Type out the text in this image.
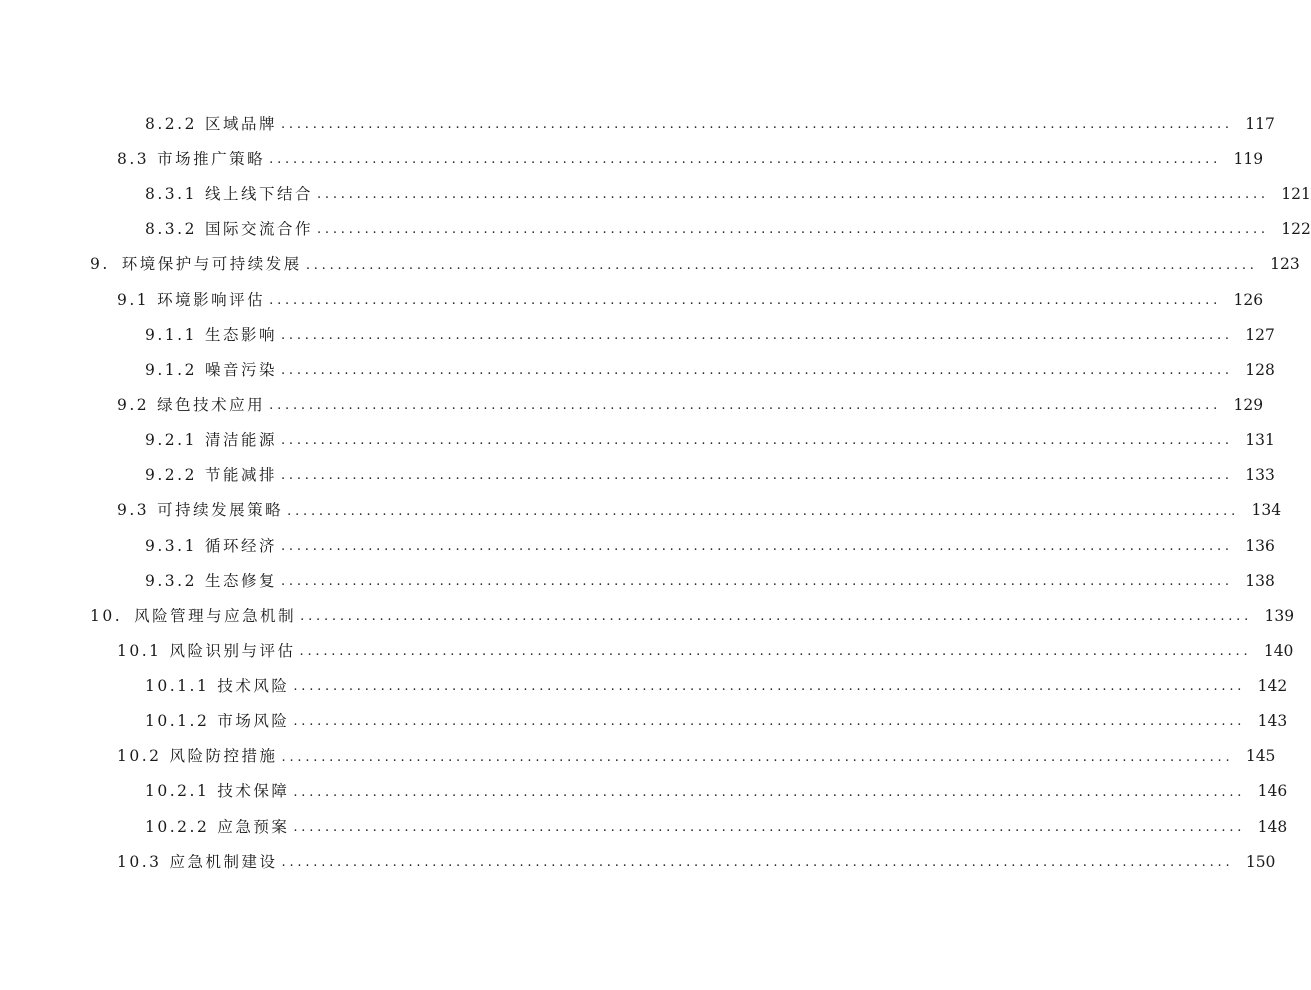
8.2.2 区域品牌 ........................................................................................................................ 117
8.3 市场推广策略 ........................................................................................................................ 119
8.3.1 线上线下结合 ........................................................................................................................ 121
8.3.2 国际交流合作 ........................................................................................................................ 122
9. 环境保护与可持续发展 ........................................................................................................................ 123
9.1 环境影响评估 ........................................................................................................................ 126
9.1.1 生态影响 ........................................................................................................................ 127
9.1.2 噪音污染 ........................................................................................................................ 128
9.2 绿色技术应用 ........................................................................................................................ 129
9.2.1 清洁能源 ........................................................................................................................ 131
9.2.2 节能减排 ........................................................................................................................ 133
9.3 可持续发展策略 ........................................................................................................................ 134
9.3.1 循环经济 ........................................................................................................................ 136
9.3.2 生态修复 ........................................................................................................................ 138
10. 风险管理与应急机制 ........................................................................................................................ 139
10.1 风险识别与评估 ........................................................................................................................ 140
10.1.1 技术风险 ........................................................................................................................ 142
10.1.2 市场风险 ........................................................................................................................ 143
10.2 风险防控措施 ........................................................................................................................ 145
10.2.1 技术保障 ........................................................................................................................ 146
10.2.2 应急预案 ........................................................................................................................ 148
10.3 应急机制建设 ........................................................................................................................ 150
